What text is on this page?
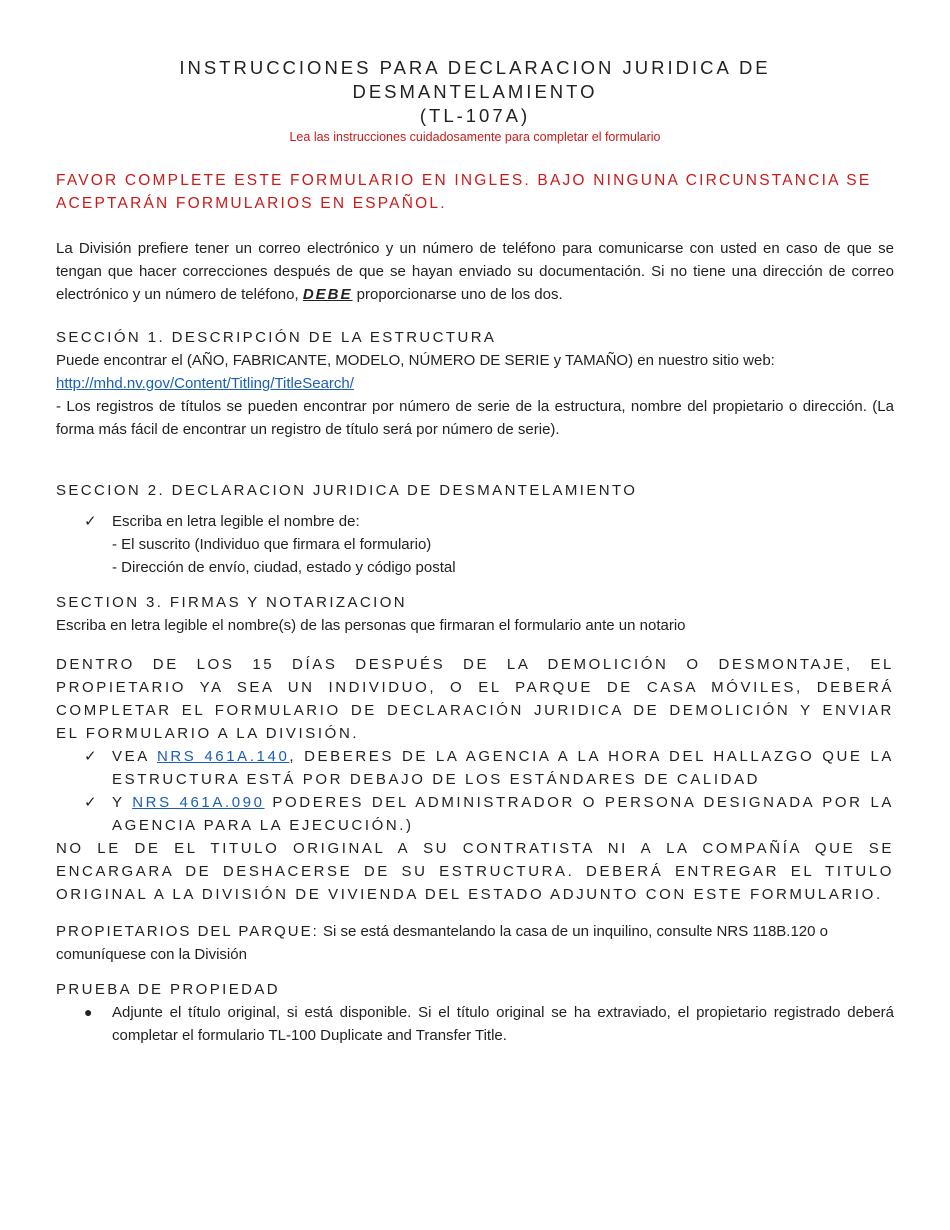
INSTRUCCIONES PARA DECLARACION JURIDICA DE DESMANTELAMIENTO
(TL-107A)
Lea las instrucciones cuidadosamente para completar el formulario

FAVOR COMPLETE ESTE FORMULARIO EN INGLES. BAJO NINGUNA CIRCUNSTANCIA SE ACEPTARÁN FORMULARIOS EN ESPAÑOL.

La División prefiere tener un correo electrónico y un número de teléfono para comunicarse con usted en caso de que se tengan que hacer correcciones después de que se hayan enviado su documentación. Si no tiene una dirección de correo electrónico y un número de teléfono, DEBE proporcionarse uno de los dos.

SECCIÓN 1. DESCRIPCIÓN DE LA ESTRUCTURA

Puede encontrar el (AÑO, FABRICANTE, MODELO, NÚMERO DE SERIE y TAMAÑO) en nuestro sitio web:

http://mhd.nv.gov/Content/Titling/TitleSearch/

- Los registros de títulos se pueden encontrar por número de serie de la estructura, nombre del propietario o dirección. (La forma más fácil de encontrar un registro de título será por número de serie).

SECCION 2. DECLARACION JURIDICA DE DESMANTELAMIENTO
✓ Escriba en letra legible el nombre de:
- El suscrito (Individuo que firmara el formulario)
- Dirección de envío, ciudad, estado y código postal
SECTION 3. FIRMAS Y NOTARIZACION

Escriba en letra legible el nombre(s) de las personas que firmaran el formulario ante un notario

DENTRO DE LOS 15 DÍAS DESPUÉS DE LA DEMOLICIÓN O DESMONTAJE, EL PROPIETARIO YA SEA UN INDIVIDUO, O EL PARQUE DE CASA MÓVILES, DEBERÁ COMPLETAR EL FORMULARIO DE DECLARACIÓN JURIDICA DE DEMOLICIÓN Y ENVIAR EL FORMULARIO A LA DIVISIÓN.

✓ VEA NRS 461A.140, DEBERES DE LA AGENCIA A LA HORA DEL HALLAZGO QUE LA ESTRUCTURA ESTÁ POR DEBAJO DE LOS ESTÁNDARES DE CALIDAD
✓ Y NRS 461A.090 PODERES DEL ADMINISTRADOR O PERSONA DESIGNADA POR LA AGENCIA PARA LA EJECUCIÓN.)

NO LE DE EL TITULO ORIGINAL A SU CONTRATISTA NI A LA COMPAÑÍA QUE SE ENCARGARA DE DESHACERSE DE SU ESTRUCTURA. DEBERÁ ENTREGAR EL TITULO ORIGINAL A LA DIVISIÓN DE VIVIENDA DEL ESTADO ADJUNTO CON ESTE FORMULARIO.

PROPIETARIOS DEL PARQUE: Si se está desmantelando la casa de un inquilino, consulte NRS 118B.120 o comuníquese con la División

PRUEBA DE PROPIEDAD
● Adjunte el título original, si está disponible. Si el título original se ha extraviado, el propietario registrado deberá completar el formulario TL-100 Duplicate and Transfer Title.
